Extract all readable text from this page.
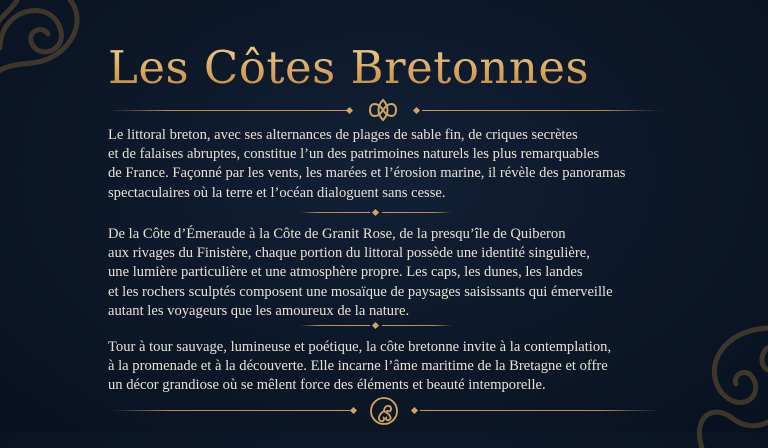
Les Côtes Bretonnes
Le littoral breton, avec ses alternances de plages de sable fin, de criques secrètes
et de falaises abruptes, constitue l’un des patrimoines naturels les plus remarquables
de France. Façonné par les vents, les marées et l’érosion marine, il révèle des panoramas
spectaculaires où la terre et l’océan dialoguent sans cesse.
De la Côte d’Émeraude à la Côte de Granit Rose, de la presqu’île de Quiberon
aux rivages du Finistère, chaque portion du littoral possède une identité singulière,
une lumière particulière et une atmosphère propre. Les caps, les dunes, les landes
et les rochers sculptés composent une mosaïque de paysages saisissants qui émerveille
autant les voyageurs que les amoureux de la nature.
Tour à tour sauvage, lumineuse et poétique, la côte bretonne invite à la contemplation,
à la promenade et à la découverte. Elle incarne l’âme maritime de la Bretagne et offre
un décor grandiose où se mêlent force des éléments et beauté intemporelle.
